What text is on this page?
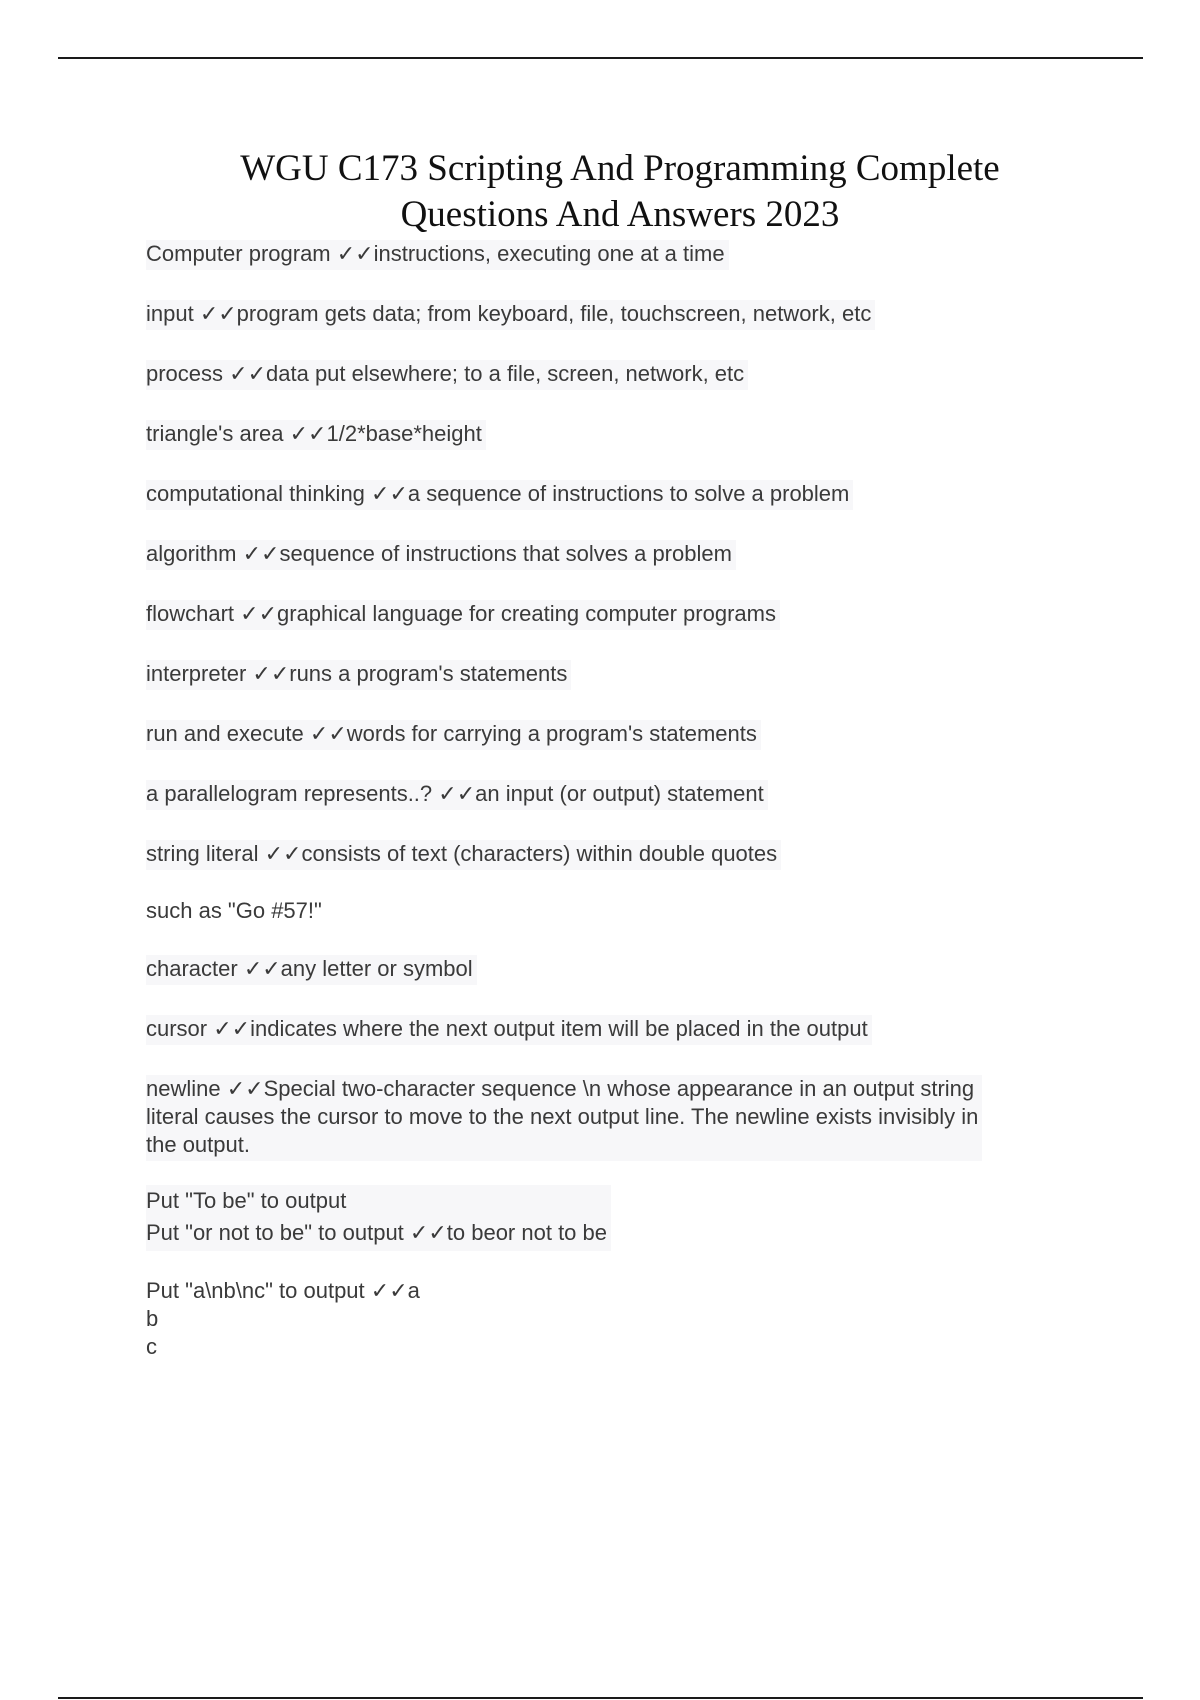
WGU C173 Scripting And Programming Complete
Questions And Answers 2023

Computer program ✓✓instructions, executing one at a time

input ✓✓program gets data; from keyboard, file, touchscreen, network, etc

process ✓✓data put elsewhere; to a file, screen, network, etc

triangle's area ✓✓1/2*base*height

computational thinking ✓✓a sequence of instructions to solve a problem

algorithm ✓✓sequence of instructions that solves a problem

flowchart ✓✓graphical language for creating computer programs

interpreter ✓✓runs a program's statements

run and execute ✓✓words for carrying a program's statements

a parallelogram represents..? ✓✓an input (or output) statement

string literal ✓✓consists of text (characters) within double quotes

such as "Go #57!"

character ✓✓any letter or symbol

cursor ✓✓indicates where the next output item will be placed in the output

newline ✓✓Special two-character sequence \n whose appearance in an output string
literal causes the cursor to move to the next output line. The newline exists invisibly in
the output.

Put "To be" to output
Put "or not to be" to output ✓✓to beor not to be

Put "a\nb\nc" to output ✓✓a
b
c
